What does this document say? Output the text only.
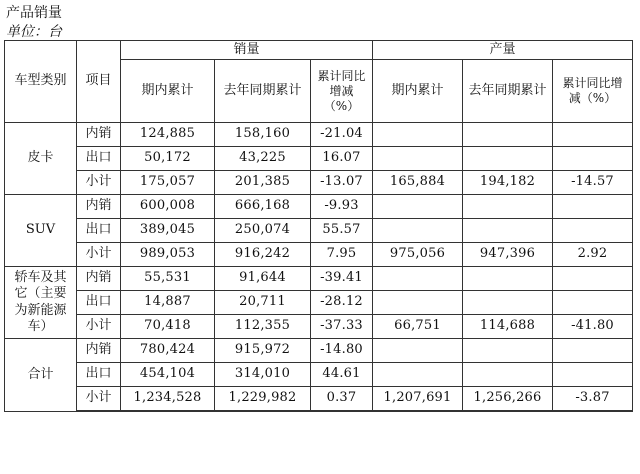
产品销量
单位：台
车型类别	项目	销量			产量		
		期内累计	去年同期累计	累计同比增减（%）	期内累计	去年同期累计	累计同比增减（%）
皮卡	内销	124,885	158,160	-21.04			
	出口	50,172	43,225	16.07			
	小计	175,057	201,385	-13.07	165,884	194,182	-14.57
SUV	内销	600,008	666,168	-9.93			
	出口	389,045	250,074	55.57			
	小计	989,053	916,242	7.95	975,056	947,396	2.92
轿车及其它（主要为新能源车）	内销	55,531	91,644	-39.41			
	出口	14,887	20,711	-28.12			
	小计	70,418	112,355	-37.33	66,751	114,688	-41.80
合计	内销	780,424	915,972	-14.80			
	出口	454,104	314,010	44.61			
	小计	1,234,528	1,229,982	0.37	1,207,691	1,256,266	-3.87
